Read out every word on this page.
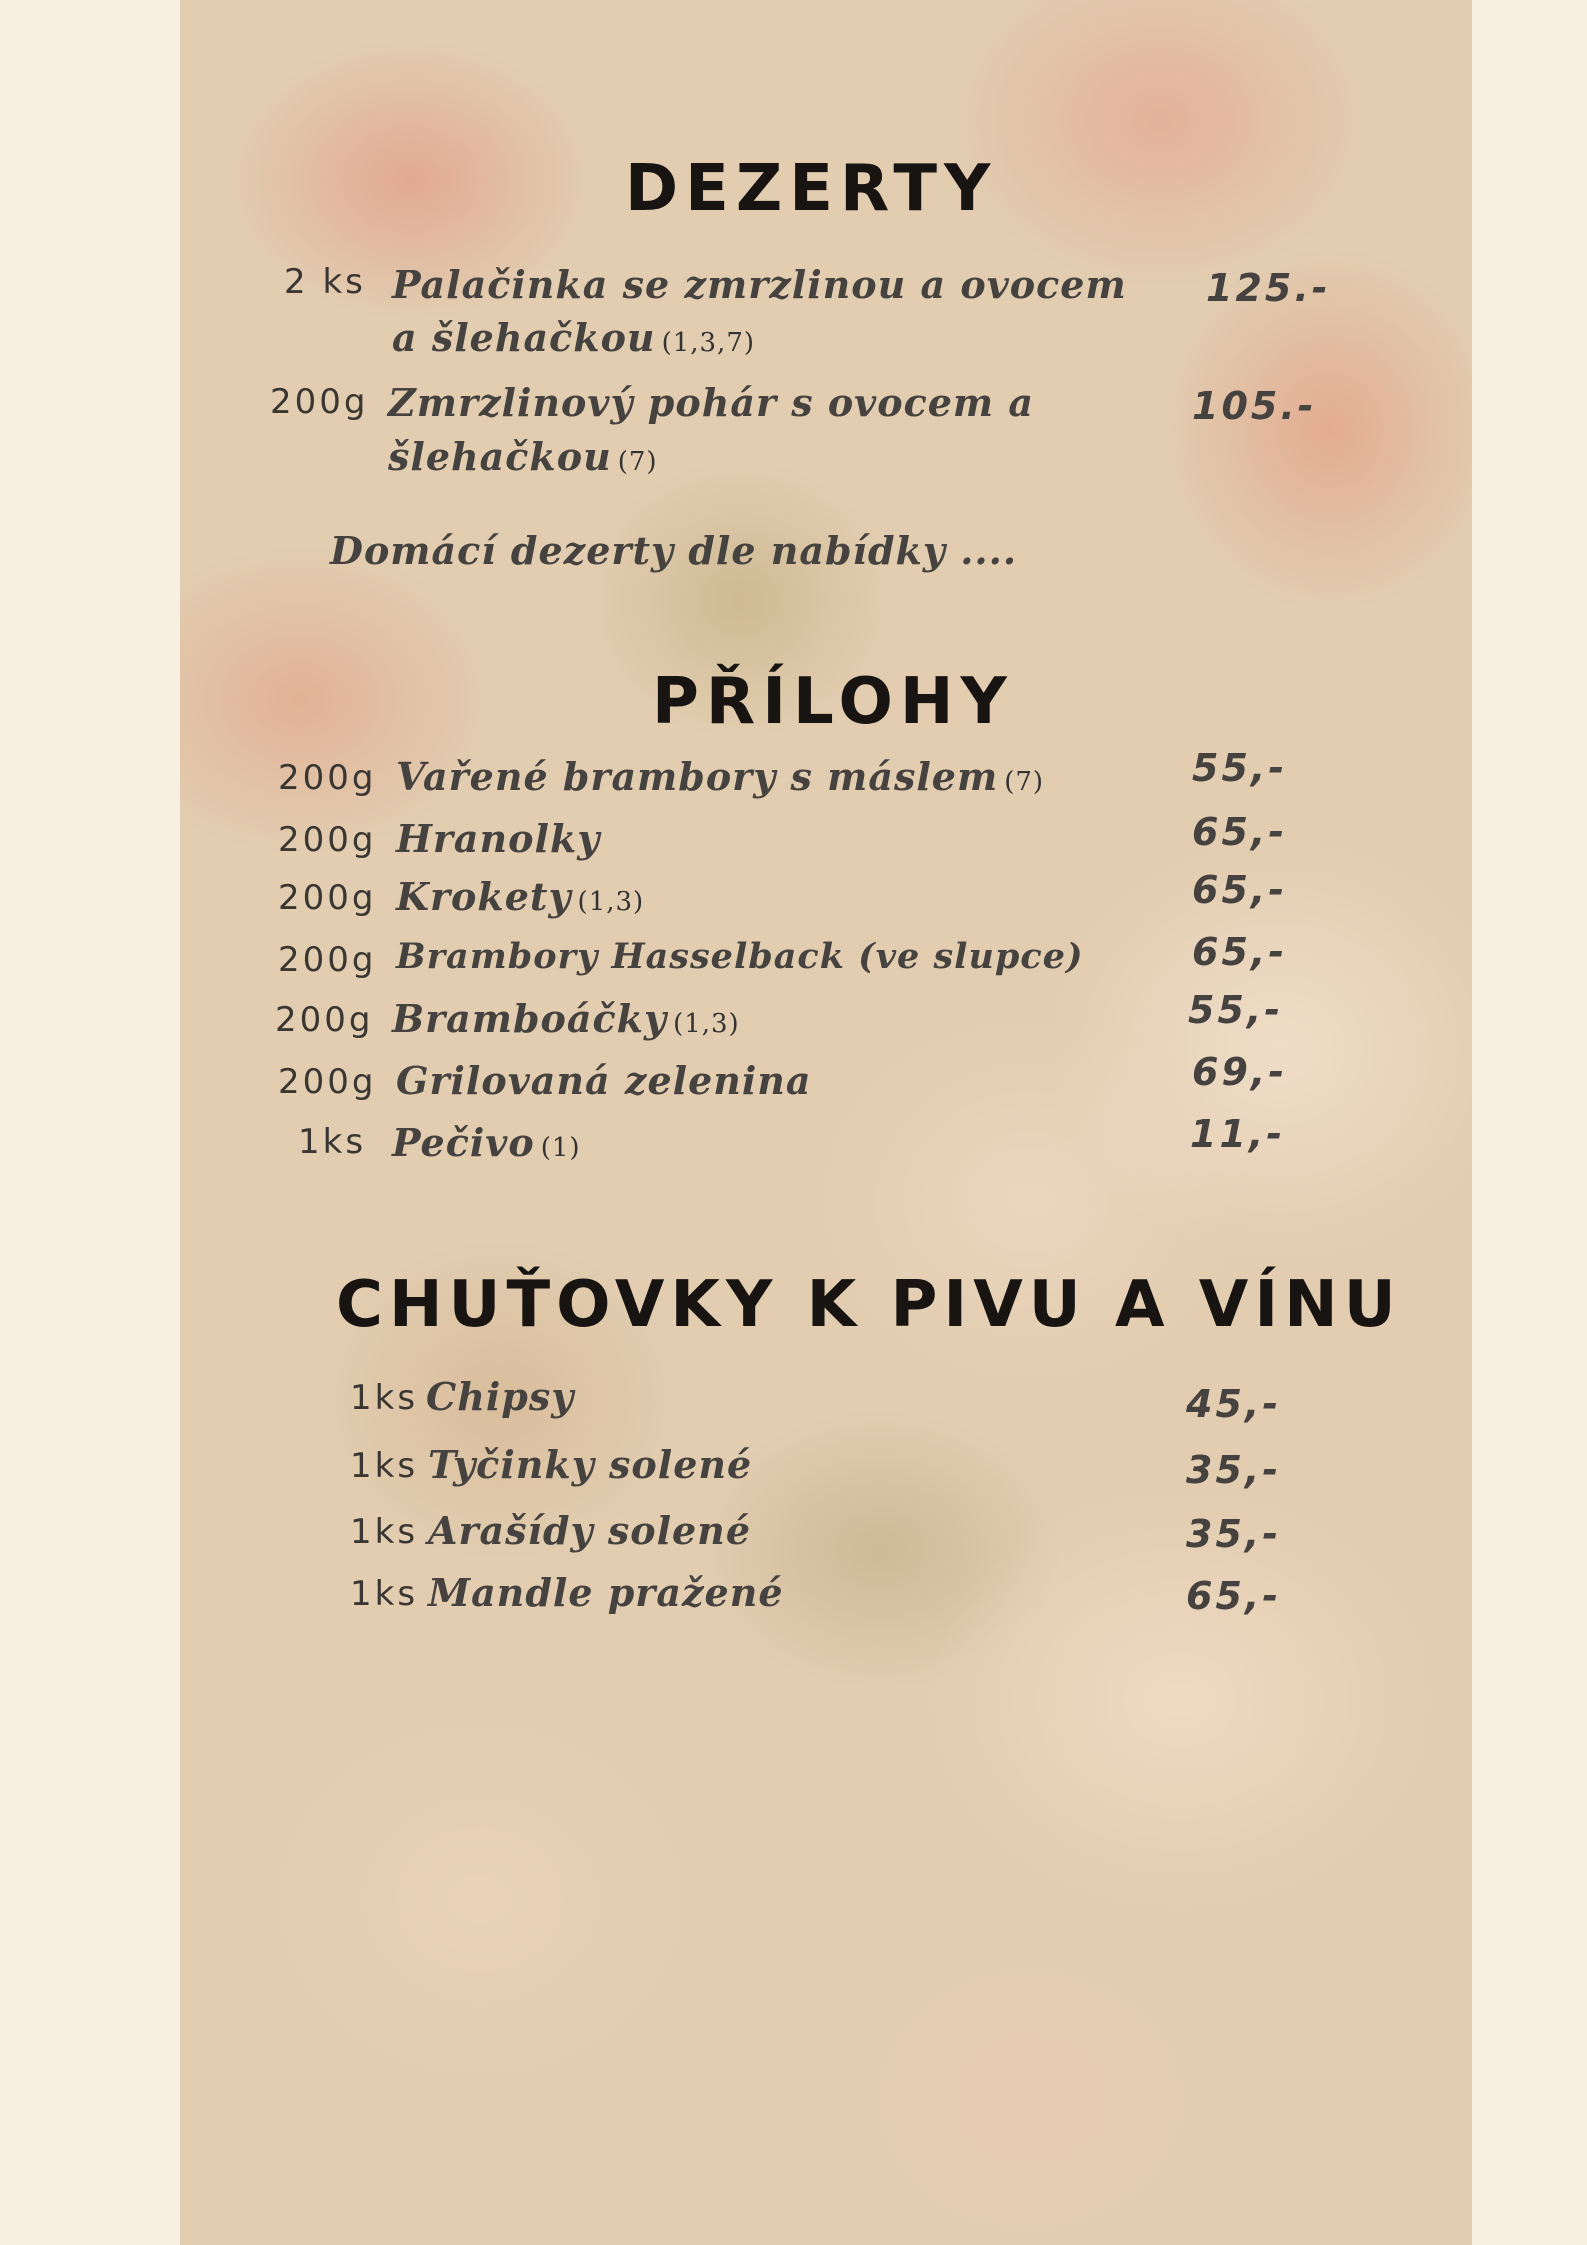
DEZERTY
2 ks Palačinka se zmrzlinou a ovocem
a šlehačkou (1,3,7)
125.-
200g Zmrzlinový pohár s ovocem a
šlehačkou (7)
105.-
Domácí dezerty dle nabídky ....
PŘÍLOHY
200g Vařené brambory s máslem (7)	55,-
200g Hranolky	65,-
200g Krokety (1,3)	65,-
200g Brambory Hasselback (ve slupce)	65,-
200g Bramboáčky (1,3)	55,-
200g Grilovaná zelenina	69,-
1ks Pečivo (1)	11,-
CHUŤOVKY K PIVU A VÍNU
1ks Chipsy	45,-
1ks Tyčinky solené	35,-
1ks Arašídy solené	35,-
1ks Mandle pražené	65,-
